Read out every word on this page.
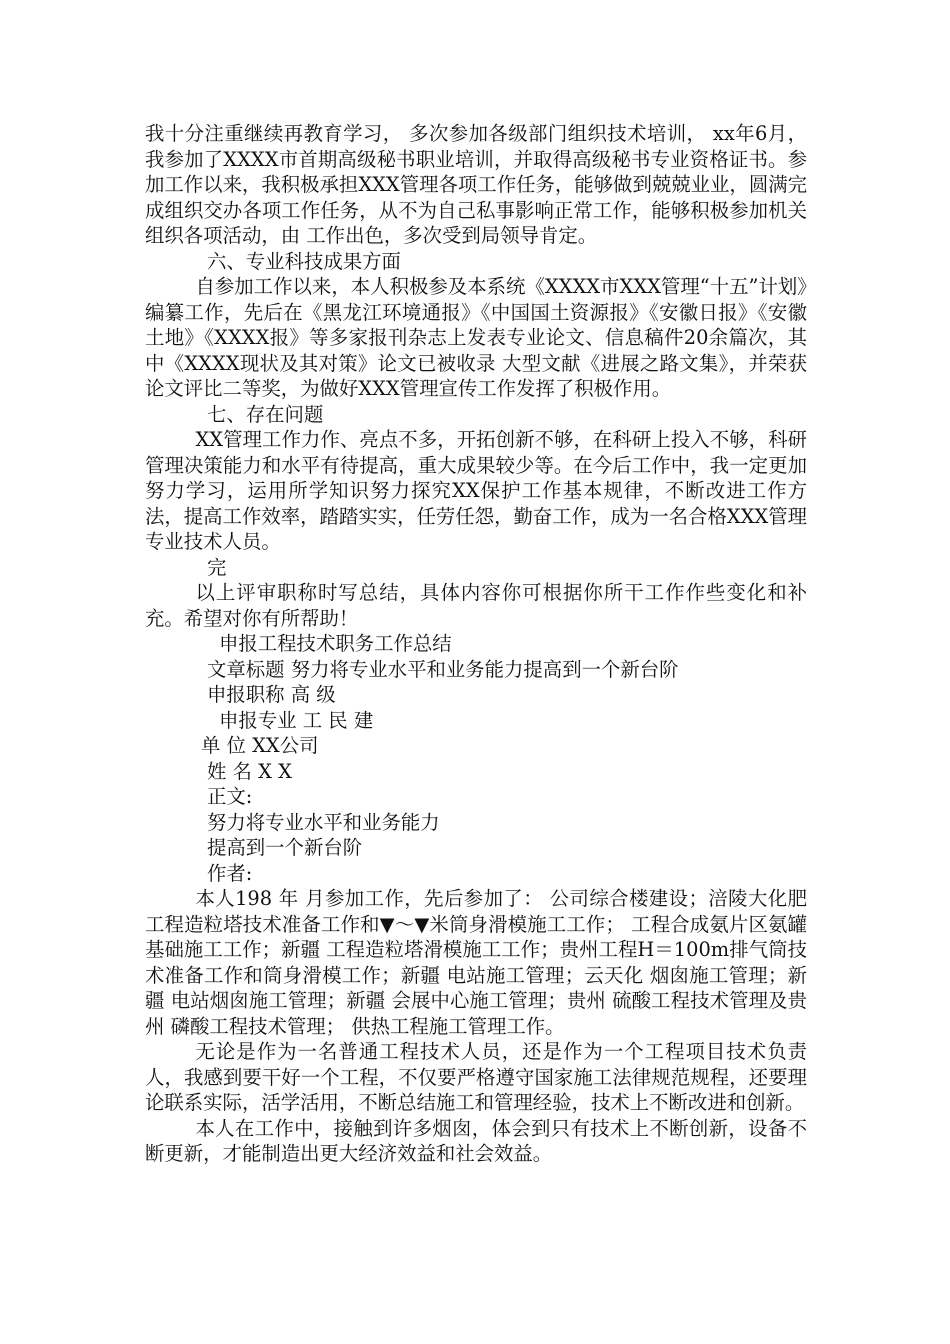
我十分注重继续再教育学习， 多次参加各级部门组织技术培训， xx年6月，我参加了XXXX市首期高级秘书职业培训，并取得高级秘书专业资格证书。参加工作以来，我积极承担XXX管理各项工作任务，能够做到兢兢业业，圆满完成组织交办各项工作任务，从不为自己私事影响正常工作，能够积极参加机关组织各项活动，由 工作出色，多次受到局领导肯定。

六、专业科技成果方面

自参加工作以来，本人积极参及本系统《XXXX市XXX管理“十五”计划》编纂工作，先后在《黑龙江环境通报》《中国国土资源报》《安徽日报》《安徽土地》《XXXX报》等多家报刊杂志上发表专业论文、信息稿件20余篇次，其中《XXXX现状及其对策》论文已被收录 大型文献《进展之路文集》，并荣获论文评比二等奖，为做好XXX管理宣传工作发挥了积极作用。

七、存在问题

XX管理工作力作、亮点不多，开拓创新不够，在科研上投入不够，科研管理决策能力和水平有待提高，重大成果较少等。在今后工作中，我一定更加努力学习，运用所学知识努力探究XX保护工作基本规律，不断改进工作方法，提高工作效率，踏踏实实，任劳任怨，勤奋工作，成为一名合格XXX管理专业技术人员。

完

以上评审职称时写总结，具体内容你可根据你所干工作作些变化和补充。希望对你有所帮助！

申报工程技术职务工作总结

文章标题 努力将专业水平和业务能力提高到一个新台阶

申报职称 高 级

申报专业 工 民 建

单 位 XX公司

姓 名 X X

正文:

努力将专业水平和业务能力

提高到一个新台阶

作者:

本人198 年 月参加工作，先后参加了： 公司综合楼建设；涪陵大化肥工程造粒塔技术准备工作和▼～▼米筒身滑模施工工作； 工程合成氨片区氨罐基础施工工作；新疆 工程造粒塔滑模施工工作；贵州工程H＝100m排气筒技术准备工作和筒身滑模工作；新疆 电站施工管理；云天化 烟囱施工管理；新疆 电站烟囱施工管理；新疆 会展中心施工管理；贵州 硫酸工程技术管理及贵州 磷酸工程技术管理； 供热工程施工管理工作。

无论是作为一名普通工程技术人员，还是作为一个工程项目技术负责人，我感到要干好一个工程，不仅要严格遵守国家施工法律规范规程，还要理论联系实际，活学活用，不断总结施工和管理经验，技术上不断改进和创新。

本人在工作中，接触到许多烟囱，体会到只有技术上不断创新，设备不断更新，才能制造出更大经济效益和社会效益。
